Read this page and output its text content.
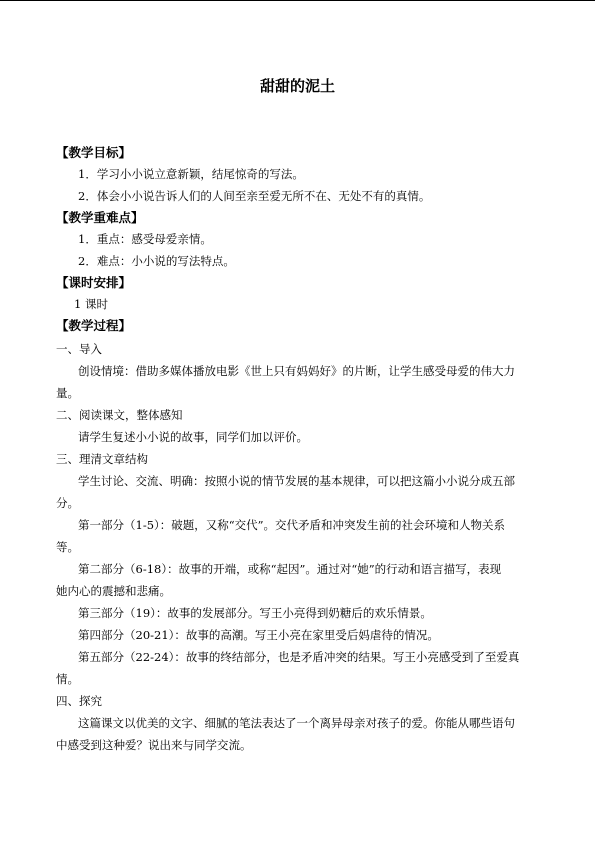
甜甜的泥土
【教学目标】
1．学习小小说立意新颖，结尾惊奇的写法。
2．体会小小说告诉人们的人间至亲至爱无所不在、无处不有的真情。
【教学重难点】
1．重点：感受母爱亲情。
2．难点：小小说的写法特点。
【课时安排】
1 课时
【教学过程】
一、导入
创设情境：借助多媒体播放电影《世上只有妈妈好》的片断，让学生感受母爱的伟大力
量。
二、阅读课文，整体感知
请学生复述小小说的故事，同学们加以评价。
三、理清文章结构
学生讨论、交流、明确：按照小说的情节发展的基本规律，可以把这篇小小说分成五部
分。
第一部分（1-5）：破题，又称“交代”。交代矛盾和冲突发生前的社会环境和人物关系
等。
第二部分（6-18）：故事的开端，或称“起因”。通过对“她”的行动和语言描写，表现
她内心的震撼和悲痛。
第三部分（19）：故事的发展部分。写王小亮得到奶糖后的欢乐情景。
第四部分（20-21）：故事的高潮。写王小亮在家里受后妈虐待的情况。
第五部分（22-24）：故事的终结部分，也是矛盾冲突的结果。写王小亮感受到了至爱真
情。
四、探究
这篇课文以优美的文字、细腻的笔法表达了一个离异母亲对孩子的爱。你能从哪些语句
中感受到这种爱？说出来与同学交流。
